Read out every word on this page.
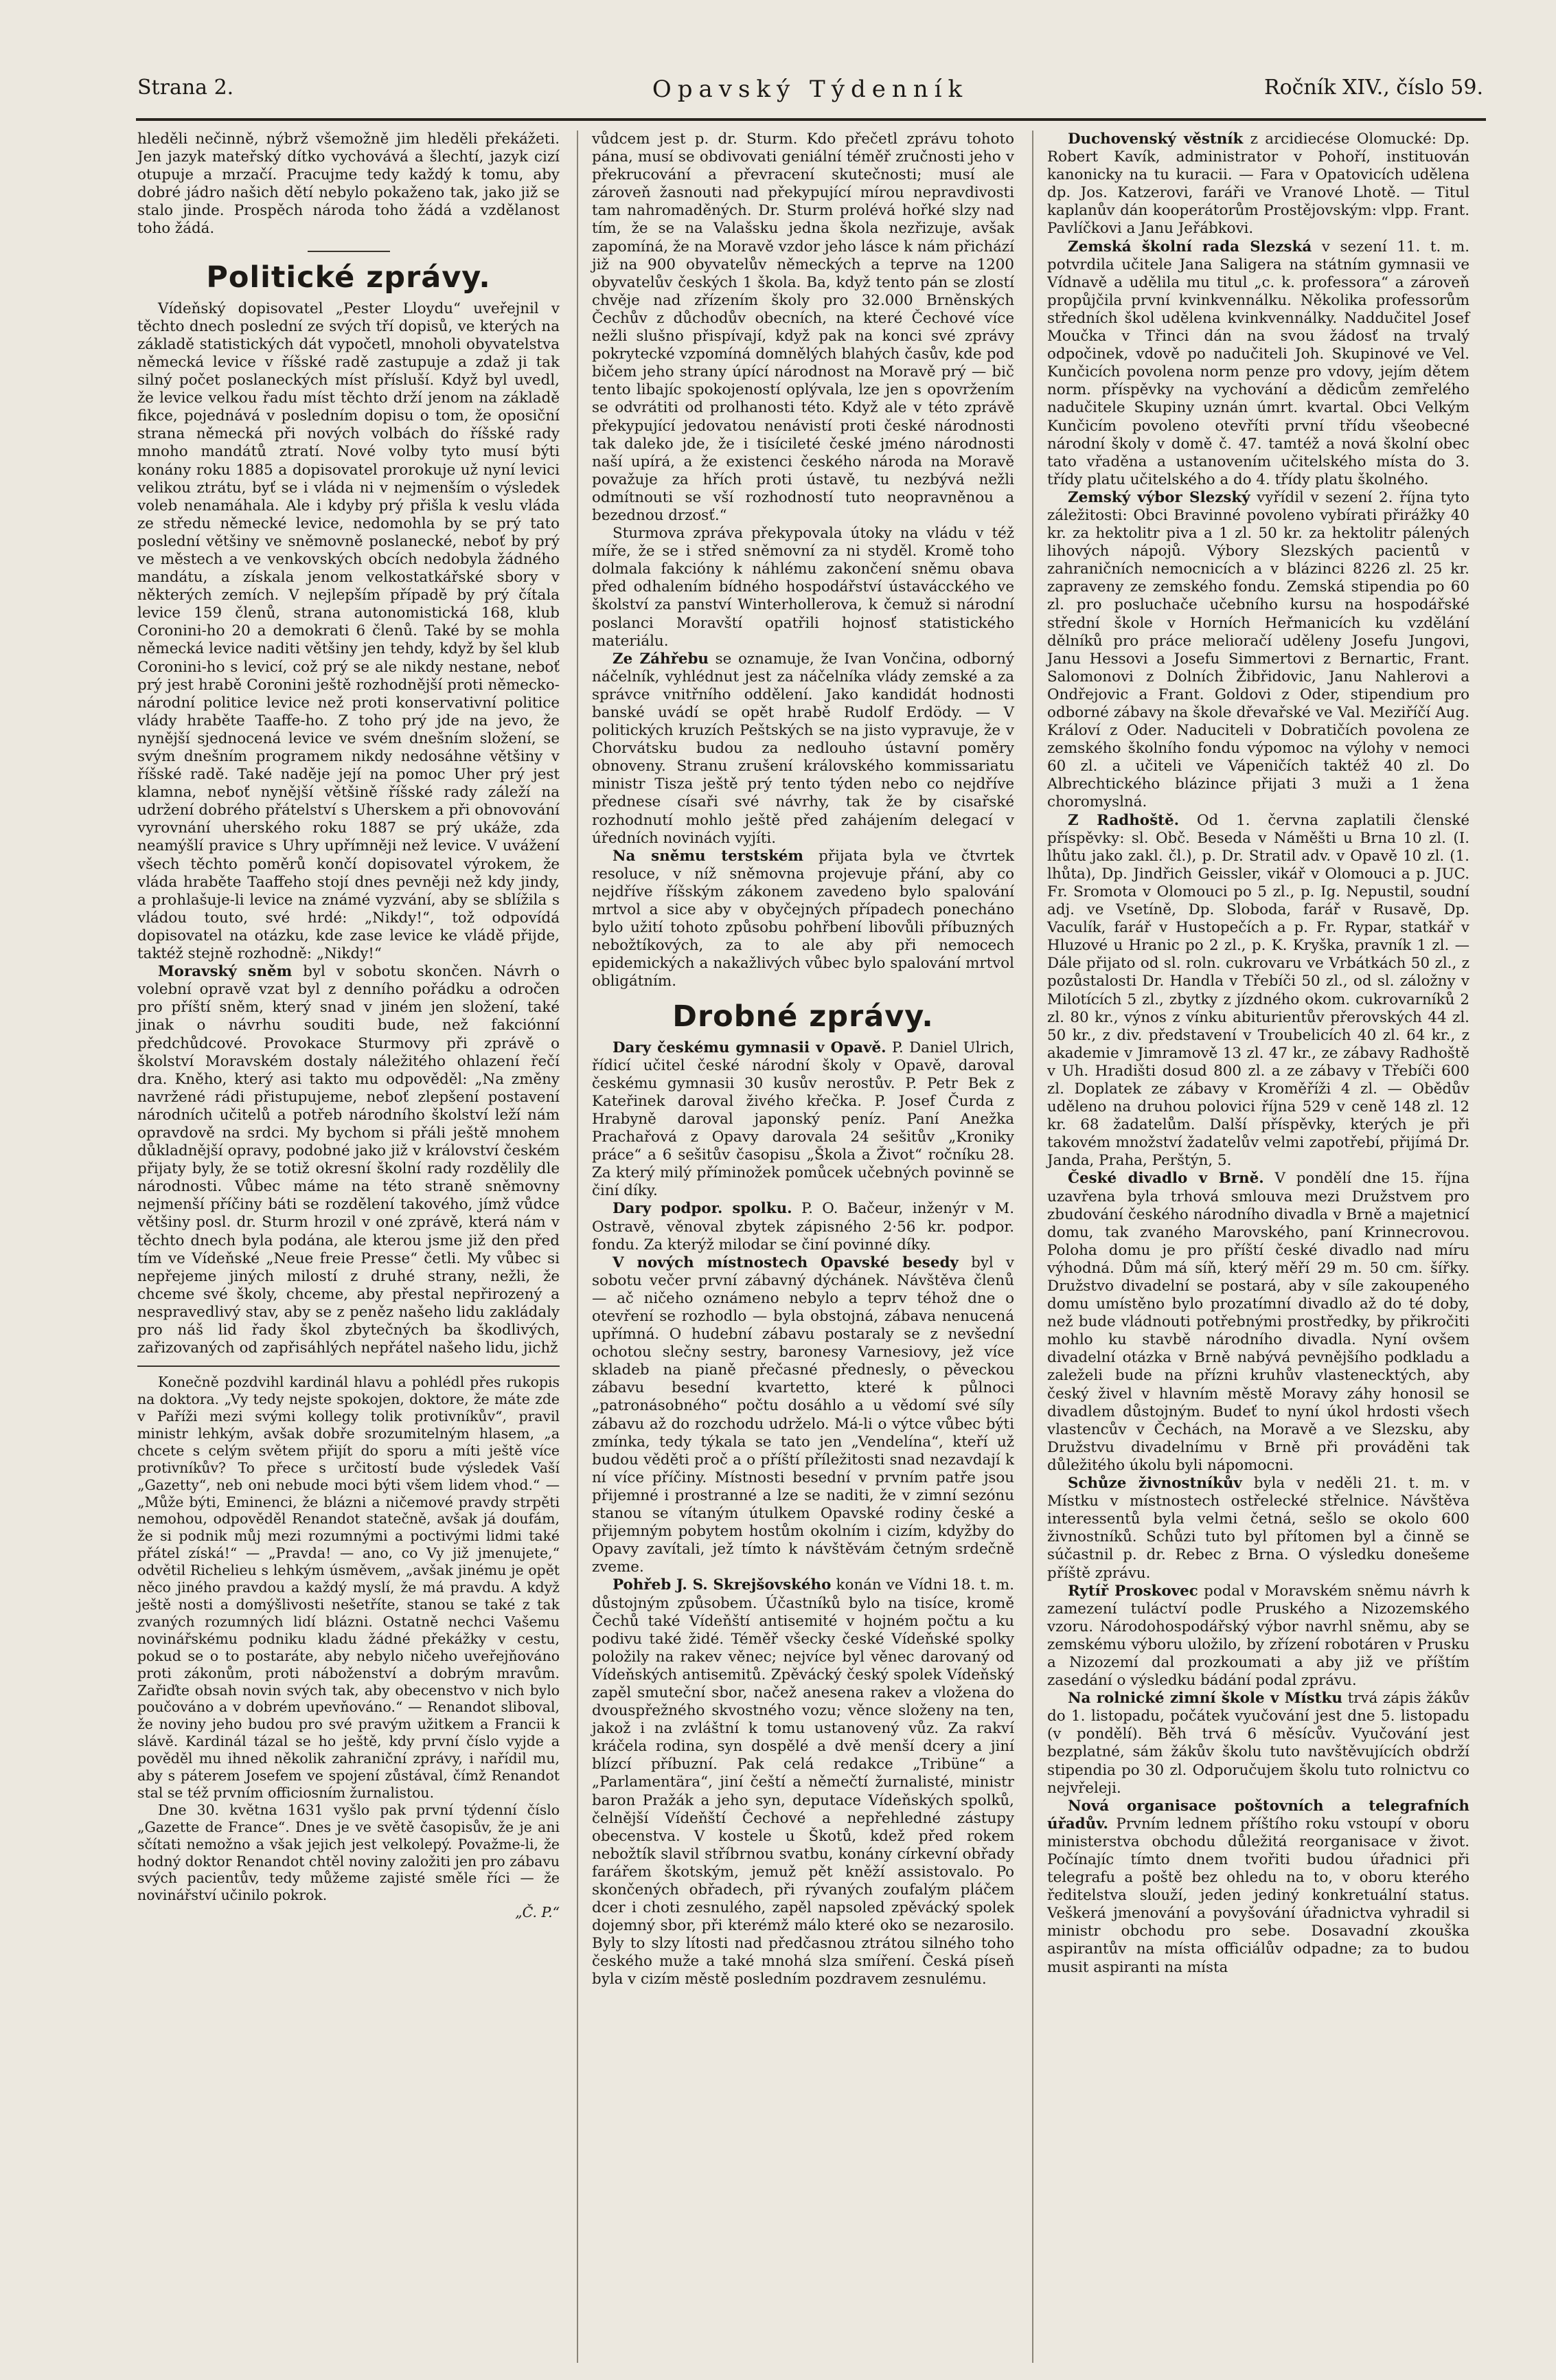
Strana 2.	Opavský Týdenník	Ročník XIV., číslo 59.

hleděli nečinně, nýbrž všemožně jim hleděli překážeti. Jen jazyk mateřský dítko vychovává a šlechtí, jazyk cizí otupuje a mrzačí. Pracujme tedy každý k tomu, aby dobré jádro našich dětí nebylo pokaženo tak, jako již se stalo jinde. Prospěch národa toho žádá a vzdělanost toho žádá.

Politické zprávy.

Vídeňský dopisovatel „Pester Lloydu“ uveřejnil v těchto dnech poslední ze svých tří dopisů, ve kterých na základě statistických dát vypočetl, mnoholi obyvatelstva německá levice v říšské radě zastupuje a zdaž ji tak silný počet poslaneckých míst přísluší. Když byl uvedl, že levice velkou řadu míst těchto drží jenom na základě fikce, pojednává v posledním dopisu o tom, že oposiční strana německá při nových volbách do říšské rady mnoho mandátů ztratí. Nové volby tyto musí býti konány roku 1885 a dopisovatel prorokuje už nyní levici velikou ztrátu, byť se i vláda ni v nejmenším o výsledek voleb nenamáhala. Ale i kdyby prý přišla k veslu vláda ze středu německé levice, nedomohla by se prý tato poslední většiny ve sněmovně poslanecké, neboť by prý ve městech a ve venkovských obcích nedobyla žádného mandátu, a získala jenom velkostatkářské sbory v některých zemích. V nejlepším případě by prý čítala levice 159 členů, strana autonomistická 168, klub Coronini-ho 20 a demokrati 6 členů. Také by se mohla německá levice naditi většiny jen tehdy, když by šel klub Coronini-ho s levicí, což prý se ale nikdy nestane, neboť prý jest hrabě Coronini ještě rozhodnější proti německo-národní politice levice než proti konservativní politice vlády hraběte Taaffe-ho. Z toho prý jde na jevo, že nynější sjednocená levice ve svém dnešním složení, se svým dnešním programem nikdy nedosáhne většiny v říšské radě. Také naděje její na pomoc Uher prý jest klamna, neboť nynější většině říšské rady záleží na udržení dobrého přátelství s Uherskem a při obnovování vyrovnání uherského roku 1887 se prý ukáže, zda neamýšlí pravice s Uhry upřímněji než levice. V uvážení všech těchto poměrů končí dopisovatel výrokem, že vláda hraběte Taaffeho stojí dnes pevněji než kdy jindy, a prohlašuje-li levice na známé vyzvání, aby se sblížila s vládou touto, své hrdé: „Nikdy!“, tož odpovídá dopisovatel na otázku, kde zase levice ke vládě přijde, taktéž stejně rozhodně: „Nikdy!“

Moravský sněm byl v sobotu skončen. Návrh o volební opravě vzat byl z denního pořádku a odročen pro příští sněm, který snad v jiném jen složení, také jinak o návrhu souditi bude, než fakciónní předchůdcové. Provokace Sturmovy při zprávě o školství Moravském dostaly náležitého ohlazení řečí dra. Kněho, který asi takto mu odpověděl: „Na změny navržené rádi přistupujeme, neboť zlepšení postavení národních učitelů a potřeb národního školství leží nám opravdově na srdci. My bychom si přáli ještě mnohem důkladnější opravy, podobné jako již v království českém přijaty byly, že se totiž okresní školní rady rozdělily dle národnosti. Vůbec máme na této straně sněmovny nejmenší příčiny báti se rozdělení takového, jímž vůdce většiny posl. dr. Sturm hrozil v oné zprávě, která nám v těchto dnech byla podána, ale kterou jsme již den před tím ve Vídeňské „Neue freie Presse“ četli. My vůbec si nepřejeme jiných milostí z druhé strany, nežli, že chceme své školy, chceme, aby přestal nepřirozený a nespravedlivý stav, aby se z peněz našeho lidu zakládaly pro náš lid řady škol zbytečných ba škodlivých, zařizovaných od zapřisáhlých nepřátel našeho lidu, jichž

Konečně pozdvihl kardinál hlavu a pohlédl přes rukopis na doktora. „Vy tedy nejste spokojen, doktore, že máte zde v Paříži mezi svými kollegy tolik protivníkův“, pravil ministr lehkým, avšak dobře srozumitelným hlasem, „a chcete s celým světem přijít do sporu a míti ještě více protivníkův? To přece s určitostí bude výsledek Vaší „Gazetty“, neb oni nebude moci býti všem lidem vhod.“ — „Může býti, Eminenci, že blázni a ničemové pravdy strpěti nemohou, odpověděl Renandot statečně, avšak já doufám, že si podnik můj mezi rozumnými a poctivými lidmi také přátel získá!“ — „Pravda! — ano, co Vy již jmenujete,“ odvětil Richelieu s lehkým úsměvem, „avšak jinému je opět něco jiného pravdou a každý myslí, že má pravdu. A když ještě nosti a domýšlivosti nešetříte, stanou se také z tak zvaných rozumných lidí blázni. Ostatně nechci Vašemu novinářskému podniku kladu žádné překážky v cestu, pokud se o to postaráte, aby nebylo ničeho uveřejňováno proti zákonům, proti náboženství a dobrým mravům. Zařiďte obsah novin svých tak, aby obecenstvo v nich bylo poučováno a v dobrém upevňováno.“ — Renandot sliboval, že noviny jeho budou pro své pravým užitkem a Francii k slávě. Kardinál tázal se ho ještě, kdy první číslo vyjde a pověděl mu ihned několik zahraniční zprávy, i nařídil mu, aby s páterem Josefem ve spojení zůstával, čímž Renandot stal se též prvním officiosním žurnalistou.

Dne 30. května 1631 vyšlo pak první týdenní číslo „Gazette de France“. Dnes je ve světě časopisův, že je ani sčítati nemožno a však jejich jest velkolepý. Považme-li, že hodný doktor Renandot chtěl noviny založiti jen pro zábavu svých pacientův, tedy můžeme zajisté směle říci — že novinářství učinilo pokrok.

„Č. P.“

vůdcem jest p. dr. Sturm. Kdo přečetl zprávu tohoto pána, musí se obdivovati geniální téměř zručnosti jeho v překrucování a převracení skutečnosti; musí ale zároveň žasnouti nad překypující mírou nepravdivosti tam nahromaděných. Dr. Sturm prolévá hořké slzy nad tím, že se na Valašsku jedna škola nezřizuje, avšak zapomíná, že na Moravě vzdor jeho lásce k nám přichází již na 900 obyvatelův německých a teprve na 1200 obyvatelův českých 1 škola. Ba, když tento pán se zlostí chvěje nad zřízením školy pro 32.000 Brněnských Čechův z důchodův obecních, na které Čechové více nežli slušno přispívají, když pak na konci své zprávy pokrytecké vzpomíná domnělých blahých časův, kde pod bičem jeho strany úpící národnost na Moravě prý — bič tento libajíc spokojeností oplývala, lze jen s opovržením se odvrátiti od prolhanosti této. Když ale v této zprávě překypující jedovatou nenávistí proti české národnosti tak daleko jde, že i tisícileté české jméno národnosti naší upírá, a že existenci českého národa na Moravě považuje za hřích proti ústavě, tu nezbývá nežli odmítnouti se vší rozhodností tuto neopravněnou a bezednou drzosť.“

Sturmova zpráva překypovala útoky na vládu v též míře, že se i střed sněmovní za ni styděl. Kromě toho dolmala fakcióny k náhlému zakončení sněmu obava před odhalením bídného hospodářství ústavácckého ve školství za panství Winterhollerova, k čemuž si národní poslanci Moravští opatřili hojnosť statistického materiálu.

Ze Záhřebu se oznamuje, že Ivan Vončina, odborný náčelník, vyhlédnut jest za náčelníka vlády zemské a za správce vnitřního oddělení. Jako kandidát hodnosti banské uvádí se opět hrabě Rudolf Erdödy. — V politických kruzích Peštských se na jisto vypravuje, že v Chorvátsku budou za nedlouho ústavní poměry obnoveny. Stranu zrušení královského kommissariatu ministr Tisza ještě prý tento týden nebo co nejdříve přednese císaři své návrhy, tak že by cisařské rozhodnutí mohlo ještě před zahájením delegací v úředních novinách vyjíti.

Na sněmu terstském přijata byla ve čtvrtek resoluce, v níž sněmovna projevuje přání, aby co nejdříve říšským zákonem zavedeno bylo spalování mrtvol a sice aby v obyčejných případech ponecháno bylo užití tohoto způsobu pohřbení libovůli příbuzných nebožtíkových, za to ale aby při nemocech epidemických a nakažlivých vůbec bylo spalování mrtvol obligátním.

Drobné zprávy.

Dary českému gymnasii v Opavě. P. Daniel Ulrich, řídicí učitel české národní školy v Opavě, daroval českému gymnasii 30 kusův nerostův. P. Petr Bek z Kateřinek daroval živého křečka. P. Josef Čurda z Hrabyně daroval japonský peníz. Paní Anežka Prachařová z Opavy darovala 24 sešitův „Kroniky práce“ a 6 sešitův časopisu „Škola a Život“ ročníku 28. Za který milý příminožek pomůcek učebných povinně se činí díky.

Dary podpor. spolku. P. O. Bačeur, inženýr v M. Ostravě, věnoval zbytek zápisného 2·56 kr. podpor. fondu. Za kterýž milodar se činí povinné díky.

V nových místnostech Opavské besedy byl v sobotu večer první zábavný dýchánek. Návštěva členů — ač ničeho oznámeno nebylo a teprv téhož dne o otevření se rozhodlo — byla obstojná, zábava nenucená upřímná. O hudební zábavu postaraly se z nevšední ochotou slečny sestry, baronesy Varnesiovy, jež více skladeb na pianě přečasné přednesly, o pěveckou zábavu besední kvartetto, které k půlnoci „patronásobného“ počtu dosáhlo a u vědomí své síly zábavu až do rozchodu udrželo. Má-li o výtce vůbec býti zmínka, tedy týkala se tato jen „Vendelína“, kteří už budou věděti proč a o příští příležitosti snad nezavdají k ní více příčiny. Místnosti besední v prvním patře jsou přijemné i prostranné a lze se naditi, že v zimní sezónu stanou se vítaným útulkem Opavské rodiny české a přijemným pobytem hostům okolním i cizím, kdyžby do Opavy zavítali, jež tímto k návštěvám četným srdečně zveme.

Pohřeb J. S. Skrejšovského konán ve Vídni 18. t. m. důstojným způsobem. Účastníků bylo na tisíce, kromě Čechů také Vídeňští antisemité v hojném počtu a ku podivu také židé. Téměř všecky české Vídeňské spolky položily na rakev věnec; nejvíce byl věnec darovaný od Vídeňských antisemitů. Zpěvácký český spolek Vídeňský zapěl smuteční sbor, načež anesena rakev a vložena do dvouspřežného skvostného vozu; věnce složeny na ten, jakož i na zvláštní k tomu ustanovený vůz. Za rakví kráčela rodina, syn dospělé a dvě menší dcery a jiní blízcí příbuzní. Pak celá redakce „Tribüne“ a „Parlamentära“, jiní čeští a němečtí žurnalisté, ministr baron Pražák a jeho syn, deputace Vídeňských spolků, čelnější Vídeňští Čechové a nepřehledné zástupy obecenstva. V kostele u Škotů, kdež před rokem nebožtík slavil stříbrnou svatbu, konány církevní obřady farářem škotským, jemuž pět kněží assistovalo. Po skončených obřadech, při rývaných zoufalým pláčem dcer i choti zesnulého, zapěl napsoled zpěvácký spolek dojemný sbor, při kterémž málo které oko se nezarosilo. Byly to slzy lítosti nad předčasnou ztrátou silného toho českého muže a také mnohá slza smíření. Česká píseň byla v cizím městě posledním pozdravem zesnulému.

Duchovenský věstník z arcidiecése Olomucké: Dp. Robert Kavík, administrator v Pohoří, instituován kanonicky na tu kuracii. — Fara v Opatovicích udělena dp. Jos. Katzerovi, faráři ve Vranové Lhotě. — Titul kaplanův dán kooperátorům Prostějovským: vlpp. Frant. Pavlíčkovi a Janu Jeřábkovi.

Zemská školní rada Slezská v sezení 11. t. m. potvrdila učitele Jana Saligera na státním gymnasii ve Vídnavě a udělila mu titul „c. k. professora“ a zároveň propůjčila první kvinkvennálku. Několika professorům středních škol udělena kvinkvennálky. Naddučitel Josef Moučka v Třinci dán na svou žádosť na trvalý odpočinek, vdově po nadučiteli Joh. Skupinové ve Vel. Kunčicích povolena norm penze pro vdovy, jejím dětem norm. příspěvky na vychování a dědicům zemřelého nadučitele Skupiny uznán úmrt. kvartal. Obci Velkým Kunčicím povoleno otevříti první třídu všeobecné národní školy v domě č. 47. tamtéž a nová školní obec tato vřaděna a ustanovením učitelského místa do 3. třídy platu učitelského a do 4. třídy platu školného.

Zemský výbor Slezský vyřídil v sezení 2. října tyto záležitosti: Obci Bravinné povoleno vybírati přirážky 40 kr. za hektolitr piva a 1 zl. 50 kr. za hektolitr pálených lihových nápojů. Výbory Slezských pacientů v zahraničních nemocnicích a v blázinci 8226 zl. 25 kr. zapraveny ze zemského fondu. Zemská stipendia po 60 zl. pro posluchače učebního kursu na hospodářské střední škole v Horních Heřmanicích ku vzdělání dělníků pro práce melioračí uděleny Josefu Jungovi, Janu Hessovi a Josefu Simmertovi z Bernartic, Frant. Salomonovi z Dolních Žibřidovic, Janu Nahlerovi a Ondřejovic a Frant. Goldovi z Oder, stipendium pro odborné zábavy na škole dřevařské ve Val. Meziříčí Aug. Královí z Oder. Naduciteli v Dobratičích povolena ze zemského školního fondu výpomoc na výlohy v nemoci 60 zl. a učiteli ve Vápeničích taktéž 40 zl. Do Albrechtického blázince přijati 3 muži a 1 žena choromyslná.

Z Radhoště. Od 1. června zaplatili členské příspěvky: sl. Obč. Beseda v Náměšti u Brna 10 zl. (I. lhůtu jako zakl. čl.), p. Dr. Stratil adv. v Opavě 10 zl. (1. lhůta), Dp. Jindřich Geissler, vikář v Olomouci a p. JUC. Fr. Sromota v Olomouci po 5 zl., p. Ig. Nepustil, soudní adj. ve Vsetíně, Dp. Sloboda, farář v Rusavě, Dp. Vaculík, farář v Hustopečích a p. Fr. Rypar, statkář v Hluzové u Hranic po 2 zl., p. K. Kryška, pravník 1 zl. — Dále přijato od sl. roln. cukrovaru ve Vrbátkách 50 zl., z pozůstalosti Dr. Handla v Třebíči 50 zl., od sl. záložny v Milotících 5 zl., zbytky z jízdného okom. cukrovarníků 2 zl. 80 kr., výnos z vínku abiturientův přerovských 44 zl. 50 kr., z div. představení v Troubelicích 40 zl. 64 kr., z akademie v Jimramově 13 zl. 47 kr., ze zábavy Radhoště v Uh. Hradišti dosud 800 zl. a ze zábavy v Třebíči 600 zl. Doplatek ze zábavy v Kroměříži 4 zl. — Obědův uděleno na druhou polovici října 529 v ceně 148 zl. 12 kr. 68 žadatelům. Další příspěvky, kterých je při takovém množství žadatelův velmi zapotřebí, přijímá Dr. Janda, Praha, Perštýn, 5.

České divadlo v Brně. V pondělí dne 15. října uzavřena byla trhová smlouva mezi Družstvem pro zbudování českého národního divadla v Brně a majetnicí domu, tak zvaného Marovského, paní Krinnecrovou. Poloha domu je pro příští české divadlo nad míru výhodná. Dům má síň, který měří 29 m. 50 cm. šířky. Družstvo divadelní se postará, aby v síle zakoupeného domu umístěno bylo prozatímní divadlo až do té doby, než bude vládnouti potřebnými prostředky, by přikročiti mohlo ku stavbě národního divadla. Nyní ovšem divadelní otázka v Brně nabývá pevnějšího podkladu a zaleželi bude na přízni kruhův vlastenecktých, aby český živel v hlavním městě Moravy záhy honosil se divadlem důstojným. Budeť to nyní úkol hrdosti všech vlastencův v Čechách, na Moravě a ve Slezsku, aby Družstvu divadelnímu v Brně při prováděni tak důležitého úkolu byli nápomocni.

Schůze živnostníkův byla v neděli 21. t. m. v Místku v místnostech ostřelecké střelnice. Návštěva interessentů byla velmi četná, sešlo se okolo 600 živnostníků. Schůzi tuto byl přítomen byl a činně se súčastnil p. dr. Rebec z Brna. O výsledku donešeme příště zprávu.

Rytíř Proskovec podal v Moravském sněmu návrh k zamezení tuláctví podle Pruského a Nizozemského vzoru. Národohospodářský výbor navrhl sněmu, aby se zemskému výboru uložilo, by zřízení robotáren v Prusku a Nizozemí dal prozkoumati a aby již ve příštím zasedání o výsledku bádání podal zprávu.

Na rolnické zimní škole v Místku trvá zápis žákův do 1. listopadu, počátek vyučování jest dne 5. listopadu (v pondělí). Běh trvá 6 měsícův. Vyučování jest bezplatné, sám žákův školu tuto navštěvujících obdrží stipendia po 30 zl. Odporučujem školu tuto rolnictvu co nejvřeleji.

Nová organisace poštovních a telegrafních úřadův. Prvním lednem příštího roku vstoupí v oboru ministerstva obchodu důležitá reorganisace v život. Počínajíc tímto dnem tvořiti budou úřadnici při telegrafu a poště bez ohledu na to, v oboru kterého ředitelstva slouží, jeden jediný konkretuální status. Veškerá jmenování a povyšování úřadnictva vyhradil si ministr obchodu pro sebe. Dosavadní zkouška aspirantův na místa officiálův odpadne; za to budou musit aspiranti na místa
